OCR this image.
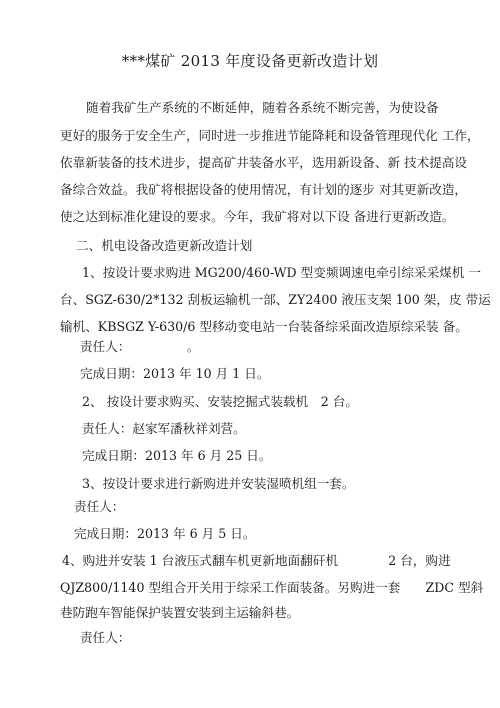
***煤矿 2013 年度设备更新改造计划
随着我矿生产系统的不断延伸，随着各系统不断完善，为使设备
更好的服务于安全生产，同时进一步推进节能降耗和设备管理现代化 工作，
依靠新装备的技术进步，提高矿井装备水平，选用新设备、新 技术提高设
备综合效益。我矿将根据设备的使用情况，有计划的逐步 对其更新改造，
使之达到标准化建设的要求。今年，我矿将对以下设 备进行更新改造。
二、机电设备改造更新改造计划
1、按设计要求购进 MG200/460-WD 型变频调速电牵引综采采煤机 一
台、SGZ-630/2*132 刮板运输机一部、ZY2400 液压支架 100 架，皮 带运
输机、KBSGZ Y-630/6 型移动变电站一台装备综采面改造原综采装 备。
责任人：　　　　　。
完成日期：2013 年 10 月 1 日。
2、 按设计要求购买、安装挖掘式装载机　2 台。
责任人：赵家军潘秋祥刘营。
完成日期：2013 年 6 月 25 日。
3、按设计要求进行新购进并安装湿喷机组一套。
责任人：
完成日期：2013 年 6 月 5 日。
4、购进并安装 1 台液压式翻车机更新地面翻矸机　　　　2 台，购进
QJZ800/1140 型组合开关用于综采工作面装备。另购进一套　　ZDC 型斜
巷防跑车智能保护装置安装到主运输斜巷。
责任人：
